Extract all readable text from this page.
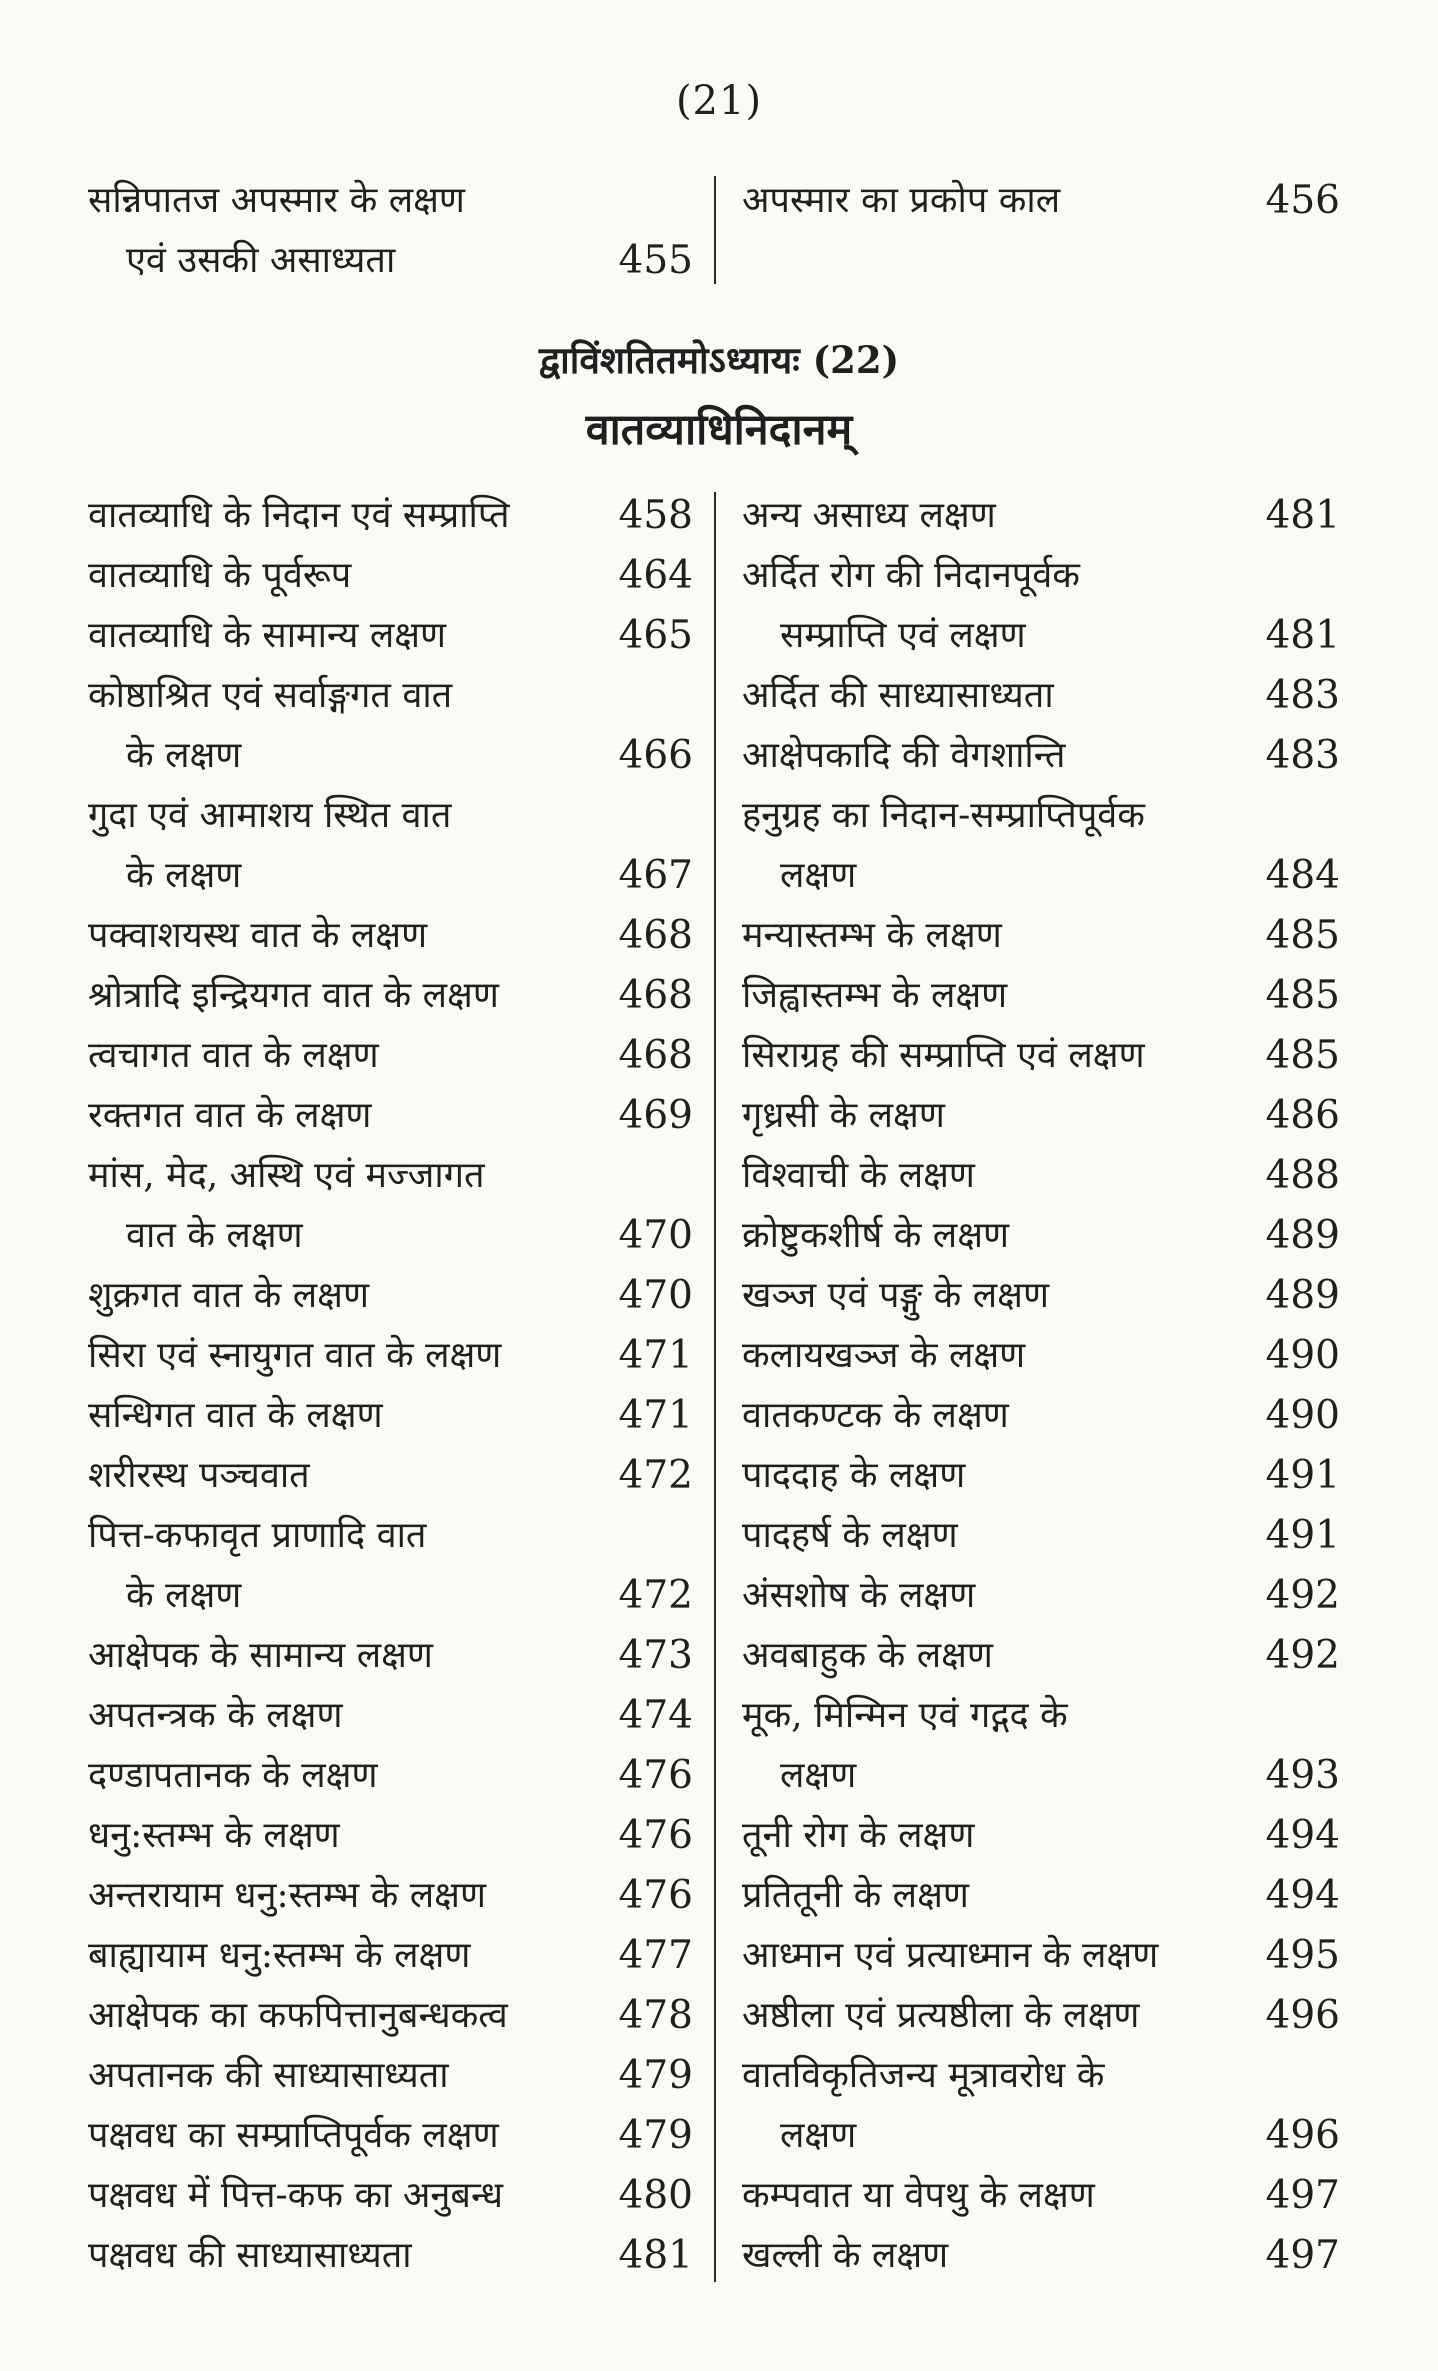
(21)
सन्निपातज अपस्मार के लक्षण
एवं उसकी असाध्यता	455
अपस्मार का प्रकोप काल	456
द्वाविंशतितमोऽध्यायः (22)
वातव्याधिनिदानम्
वातव्याधि के निदान एवं सम्प्राप्ति	458
वातव्याधि के पूर्वरूप	464
वातव्याधि के सामान्य लक्षण	465
कोष्ठाश्रित एवं सर्वाङ्गगत वात
के लक्षण	466
गुदा एवं आमाशय स्थित वात
के लक्षण	467
पक्वाशयस्थ वात के लक्षण	468
श्रोत्रादि इन्द्रियगत वात के लक्षण	468
त्वचागत वात के लक्षण	468
रक्तगत वात के लक्षण	469
मांस, मेद, अस्थि एवं मज्जागत
वात के लक्षण	470
शुक्रगत वात के लक्षण	470
सिरा एवं स्नायुगत वात के लक्षण	471
सन्धिगत वात के लक्षण	471
शरीरस्थ पञ्चवात	472
पित्त-कफावृत प्राणादि वात
के लक्षण	472
आक्षेपक के सामान्य लक्षण	473
अपतन्त्रक के लक्षण	474
दण्डापतानक के लक्षण	476
धनु:स्तम्भ के लक्षण	476
अन्तरायाम धनु:स्तम्भ के लक्षण	476
बाह्यायाम धनु:स्तम्भ के लक्षण	477
आक्षेपक का कफपित्तानुबन्धकत्व	478
अपतानक की साध्यासाध्यता	479
पक्षवध का सम्प्राप्तिपूर्वक लक्षण	479
पक्षवध में पित्त-कफ का अनुबन्ध	480
पक्षवध की साध्यासाध्यता	481
अन्य असाध्य लक्षण	481
अर्दित रोग की निदानपूर्वक
सम्प्राप्ति एवं लक्षण	481
अर्दित की साध्यासाध्यता	483
आक्षेपकादि की वेगशान्ति	483
हनुग्रह का निदान-सम्प्राप्तिपूर्वक
लक्षण	484
मन्यास्तम्भ के लक्षण	485
जिह्वास्तम्भ के लक्षण	485
सिराग्रह की सम्प्राप्ति एवं लक्षण	485
गृध्रसी के लक्षण	486
विश्वाची के लक्षण	488
क्रोष्टुकशीर्ष के लक्षण	489
खञ्ज एवं पङ्गु के लक्षण	489
कलायखञ्ज के लक्षण	490
वातकण्टक के लक्षण	490
पाददाह के लक्षण	491
पादहर्ष के लक्षण	491
अंसशोष के लक्षण	492
अवबाहुक के लक्षण	492
मूक, मिन्मिन एवं गद्गद के
लक्षण	493
तूनी रोग के लक्षण	494
प्रतितूनी के लक्षण	494
आध्मान एवं प्रत्याध्मान के लक्षण	495
अष्ठीला एवं प्रत्यष्ठीला के लक्षण	496
वातविकृतिजन्य मूत्रावरोध के
लक्षण	496
कम्पवात या वेपथु के लक्षण	497
खल्ली के लक्षण	497
